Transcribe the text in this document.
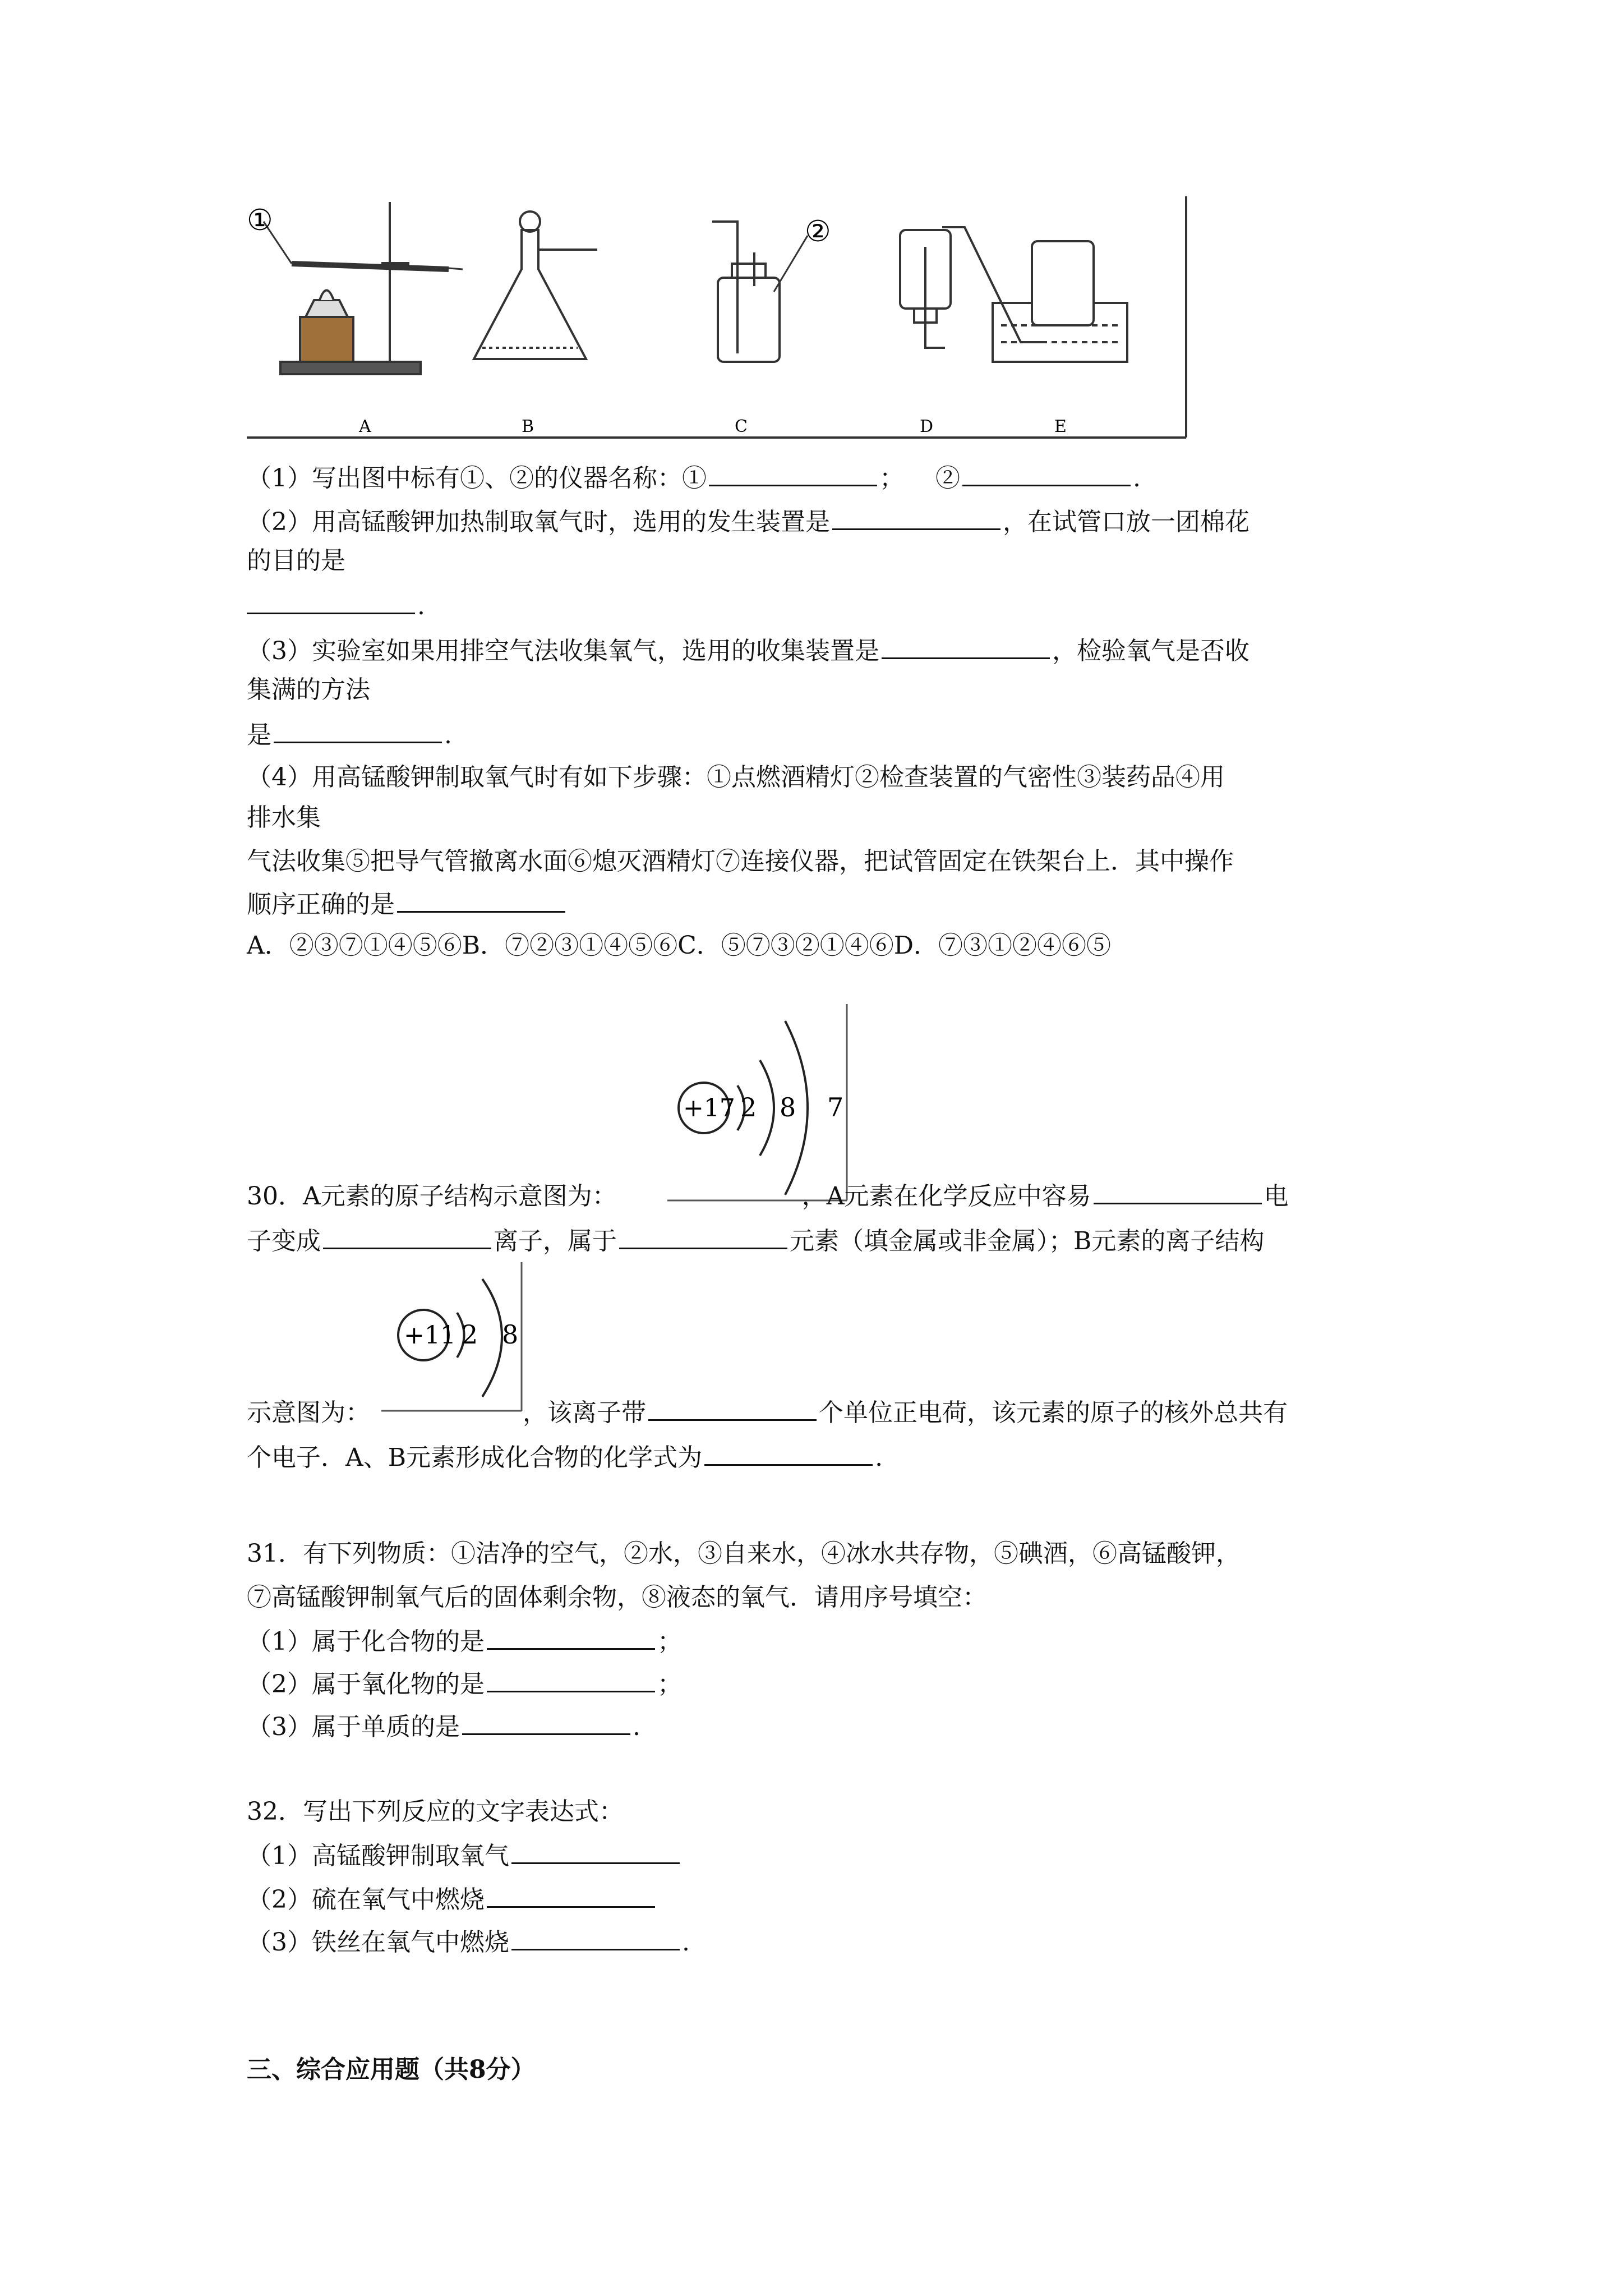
①	②
A	B	C	D	E
（1）写出图中标有①、②的仪器名称：①	； ②	.
（2）用高锰酸钾加热制取氧气时，选用的发生装置是	，在试管口放一团棉花
的目的是
.
（3）实验室如果用排空气法收集氧气，选用的收集装置是	，检验氧气是否收
集满的方法
是	.
（4）用高锰酸钾制取氧气时有如下步骤：①点燃酒精灯②检查装置的气密性③装药品④用
排水集
气法收集⑤把导气管撤离水面⑥熄灭酒精灯⑦连接仪器，把试管固定在铁架台上．其中操作
顺序正确的是
A．②③⑦①④⑤⑥B．⑦②③①④⑤⑥C．⑤⑦③②①④⑥D．⑦③①②④⑥⑤
+17 2 8 7
30．A元素的原子结构示意图为：	，A元素在化学反应中容易	电
子变成	离子，属于	元素（填金属或非金属）；B元素的离子结构
+11 2 8
示意图为：	，该离子带	个单位正电荷，该元素的原子的核外总共有
个电子．A、B元素形成化合物的化学式为	.
31．有下列物质：①洁净的空气，②水，③自来水，④冰水共存物，⑤碘酒，⑥高锰酸钾，
⑦高锰酸钾制氧气后的固体剩余物，⑧液态的氧气．请用序号填空：
（1）属于化合物的是	；
（2）属于氧化物的是	；
（3）属于单质的是	.
32．写出下列反应的文字表达式：
（1）高锰酸钾制取氧气
（2）硫在氧气中燃烧
（3）铁丝在氧气中燃烧	.
三、综合应用题（共8分）
